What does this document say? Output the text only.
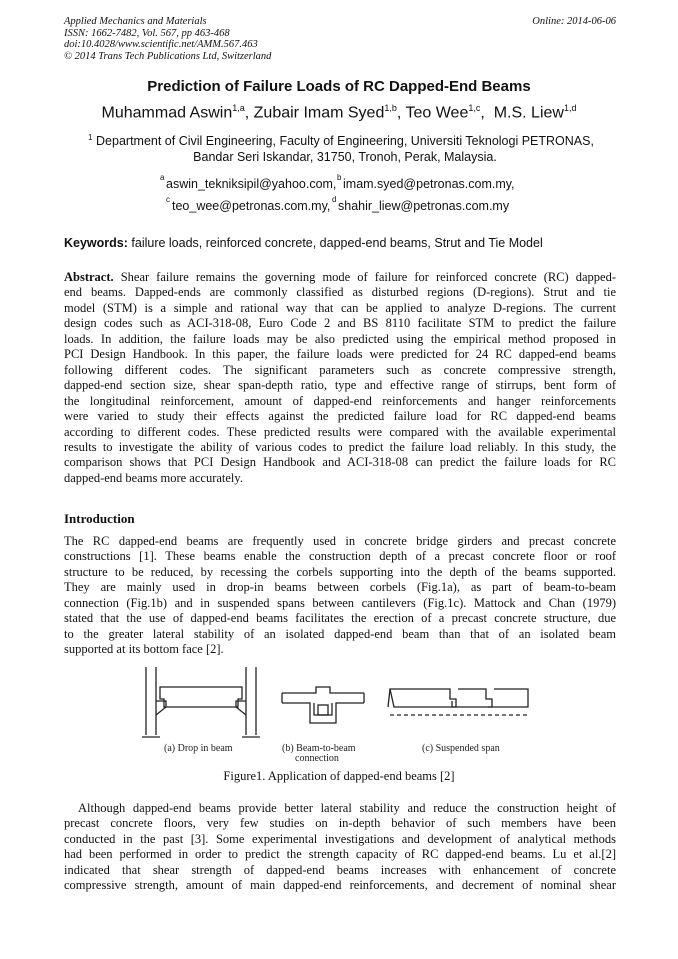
Applied Mechanics and Materials
ISSN: 1662-7482, Vol. 567, pp 463-468
doi:10.4028/www.scientific.net/AMM.567.463
© 2014 Trans Tech Publications Ltd, Switzerland
Online: 2014-06-06
Prediction of Failure Loads of RC Dapped-End Beams
Muhammad Aswin$^{1,a}$, Zubair Imam Syed$^{1,b}$, Teo Wee$^{1,c}$,  M.S. Liew$^{1,d}$
1 Department of Civil Engineering, Faculty of Engineering, Universiti Teknologi PETRONAS,
Bandar Seri Iskandar, 31750, Tronoh, Perak, Malaysia.
a aswin_tekniksipil@yahoo.com, b imam.syed@petronas.com.my,
c teo_wee@petronas.com.my, d shahir_liew@petronas.com.my
Keywords: failure loads, reinforced concrete, dapped-end beams, Strut and Tie Model
Abstract. Shear failure remains the governing mode of failure for reinforced concrete (RC) dapped-
end beams. Dapped-ends are commonly classified as disturbed regions (D-regions). Strut and tie
model (STM) is a simple and rational way that can be applied to analyze D-regions. The current
design codes such as ACI-318-08, Euro Code 2 and BS 8110 facilitate STM to predict the failure
loads. In addition, the failure loads may be also predicted using the empirical method proposed in
PCI Design Handbook. In this paper, the failure loads were predicted for 24 RC dapped-end beams
following different codes. The significant parameters such as concrete compressive strength,
dapped-end section size, shear span-depth ratio, type and effective range of stirrups, bent form of
the longitudinal reinforcement, amount of dapped-end reinforcements and hanger reinforcements
were varied to study their effects against the predicted failure load for RC dapped-end beams
according to different codes. These predicted results were compared with the available experimental
results to investigate the ability of various codes to predict the failure load reliably. In this study, the
comparison shows that PCI Design Handbook and ACI-318-08 can predict the failure loads for RC
dapped-end beams more accurately.
Introduction
The RC dapped-end beams are frequently used in concrete bridge girders and precast concrete
constructions [1]. These beams enable the construction depth of a precast concrete floor or roof
structure to be reduced, by recessing the corbels supporting into the depth of the beams supported.
They are mainly used in drop-in beams between corbels (Fig.1a), as part of beam-to-beam
connection (Fig.1b) and in suspended spans between cantilevers (Fig.1c). Mattock and Chan (1979)
stated that the use of dapped-end beams facilitates the erection of a precast concrete structure, due
to the greater lateral stability of an isolated dapped-end beam than that of an isolated beam
supported at its bottom face [2].
(a) Drop in beam	(b) Beam-to-beam
connection
(c) Suspended span
Figure1. Application of dapped-end beams [2]
Although dapped-end beams provide better lateral stability and reduce the construction height of
precast concrete floors, very few studies on in-depth behavior of such members have been
conducted in the past [3]. Some experimental investigations and development of analytical methods
had been performed in order to predict the strength capacity of RC dapped-end beams. Lu et al.[2]
indicated that shear strength of dapped-end beams increases with enhancement of concrete
compressive strength, amount of main dapped-end reinforcements, and decrement of nominal shear
